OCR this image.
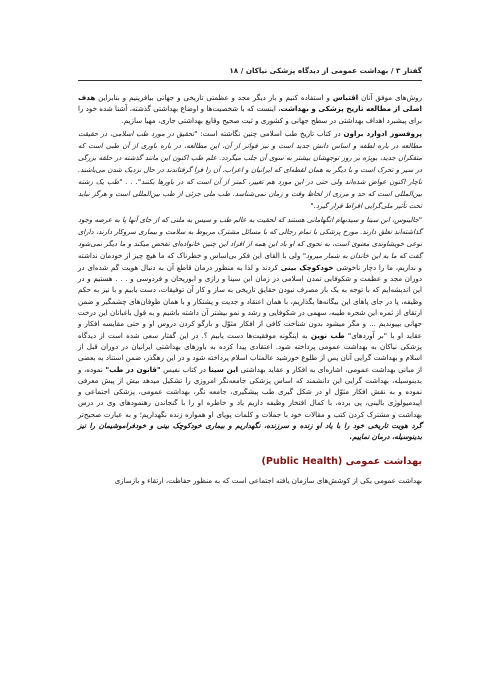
گفتار ۳ / بهداشت عمومی از دیدگاه پزشکی نیاکان / ۱۸

روش‌های موفق آنان اقتباس و استفاده کنیم و بار دیگر مجد و عظمتی تاریخی و جهانی بیافرینیم و بنابراین هدف اصلی از مطالعه تاریخ پزشکی و بهداشت، اینست که با شخصیت‌ها و اوضاع بهداشتی گذشته، آشنا شده خود را برای پیشبرد اهداف بهداشتی در سطح جهانی و کشوری و ثبت صحیح وقایع بهداشتی جاری، مهیا سازیم.

پروفسور ادوارد براون در کتاب تاریخ طب اسلامی چنین نگاشته است: "تحقیق در مورد طب اسلامی، در حقیقت مطالعه در باره لطفه و اساس دانش جدید است و نیز فواتر از آن، این مطالعه، در باره باوری از آن طبی است که متفکران جدید، بویژه بر روز توجهشان بیشتر به سوی آن جلب میگردد. علم طب اکنون این مانند گذشته در حلقه بزرگی در سیر و تحرک است و با دیگر به همان لقطه‌ای که ایرانیان و اعراب، آن را فرا گرفتاندند در حال نزدیک شدن می‌باشند. ناچار اکنون عواض شده‌اند ولی حتی در این مورد هم تغییر، کمتر از آن است که در باورها بکنند". . . "طب یک رشته بین‌المللی است که حد و مرزی از لحاظ وقت و زمان نمی‌شناسد. طب ملی جزئی از طب بین‌المللی است و هرگز نباید تحت تأثیر ملی‌گرایی افراط قرار گیرد."

"جالینوس، ابن سینا و سیدنهام انگهامانی هستند که لحقیت به عالم طب و سیس به ملتی که از جای آنها پا به عرصه وجود گذاشته‌اند تعلق دارند. مورخ پزشکی با تمام رجالی که با مسائل مشترک مربوط به سلامت و بیماری سروکار دارند، دارای نوعی خویشاوندی معنوی است، به نحوی که او باد این همه از افراد این چنین خانواده‌ای تفحص میکند و ما دیگر نمی‌شود گفت که ما به این خاندان به شمار میرود" ولی با القای این فکر بی‌اساس و خطرناک که ما هیچ چیز از خودمان نداشته و نداریم، ما را دچار ناخوشی خودکوچک بینی کردند و لذا به منظور درمان قاطع آن به دنبال هویت گم شده‌ای در دوران مجد و عظمت و شکوفایی تمدن اسلامی در زمان ابن سینا و رازی و ابوریحان و فردوسی و . . . هستیم و در این اندیشه‌ایم که با توجه به یک بار مصرف نبودن حقایق تاریخی به ساز و کار آن توفیقات، دست یابیم و با نیز به حکم وظیفه، پا در جای پاهای این بیگانه‌ها بگذاریم، با همان اعتقاد و جدیت و پشتکار و با همان طوفان‌های چشمگیر و ضمن ارتقای از ثمره این شجره طیبه، سهمی در شکوفایی و رشد و نمو بیشتر آن داشته باشیم و به قول باغبانان این درخت جهانی بپیوندیم ... و مگر میشود بدون شناخت کافی از افکار مثوّل و بارگو کردن دروس او و حتی مقایسه افکار و عقاید او با "بر آوردهای" طب نوین به اینگونه موفقیت‌ها دست یابیم ؟. در این گفتار سعی شده است از دیدگاه پزشکی نیاکان به بهداشت عمومی پرداخته شود. اعتقادی پیدا کرده به باورهای بهداشتی ایرانیان در دوران قبل از اسلام و بهداشت گرایی آنان پس از طلوع خورشید عالمتاب اسلام پرداخته شود و در این رهگذر، ضمن استناد به بعضی از مبانی بهداشت عمومی، اشاره‌ای به افکار و عقاید بهداشتی ابن سینا در کتاب نفیس "قانون در طب" نموده، و بدینوسیله، بهداشت گرایی این دانشمند که اساس پزشکی جامعه‌نگر امروزی را تشکیل میدهد بیش از پیش معرفی نموده و به نقش افکار مثوّل او در شکل گیری طب پیشگیری، جامعه نگر، بهداشت عمومی، پزشکی اجتماعی و اپیدمیولوژی بالینی، پی برده، با کمال افتخار وظیفه داریم یاد و خاطره او را با گنجاندن رهنمودهای وی در درس بهداشت و مشترک کردن کتب و مقالات خود با جملات و کلمات پویای او همواره زنده نگهداریم؛ و به عبارت صحیح‌تر گرد هویت تاریخی خود را با یاد او زنده و سرزنده، نگهداریم و بیماری خودکوچک بینی و خودفراموشیمان را نیز بدینوسیله، درمان نماییم.

بهداشت عمومی (Public Health)

بهداشت عمومی یکی از کوشش‌های سازمان یافته اجتماعی است که به منظور حفاظت، ارتقاء و بازسازی
